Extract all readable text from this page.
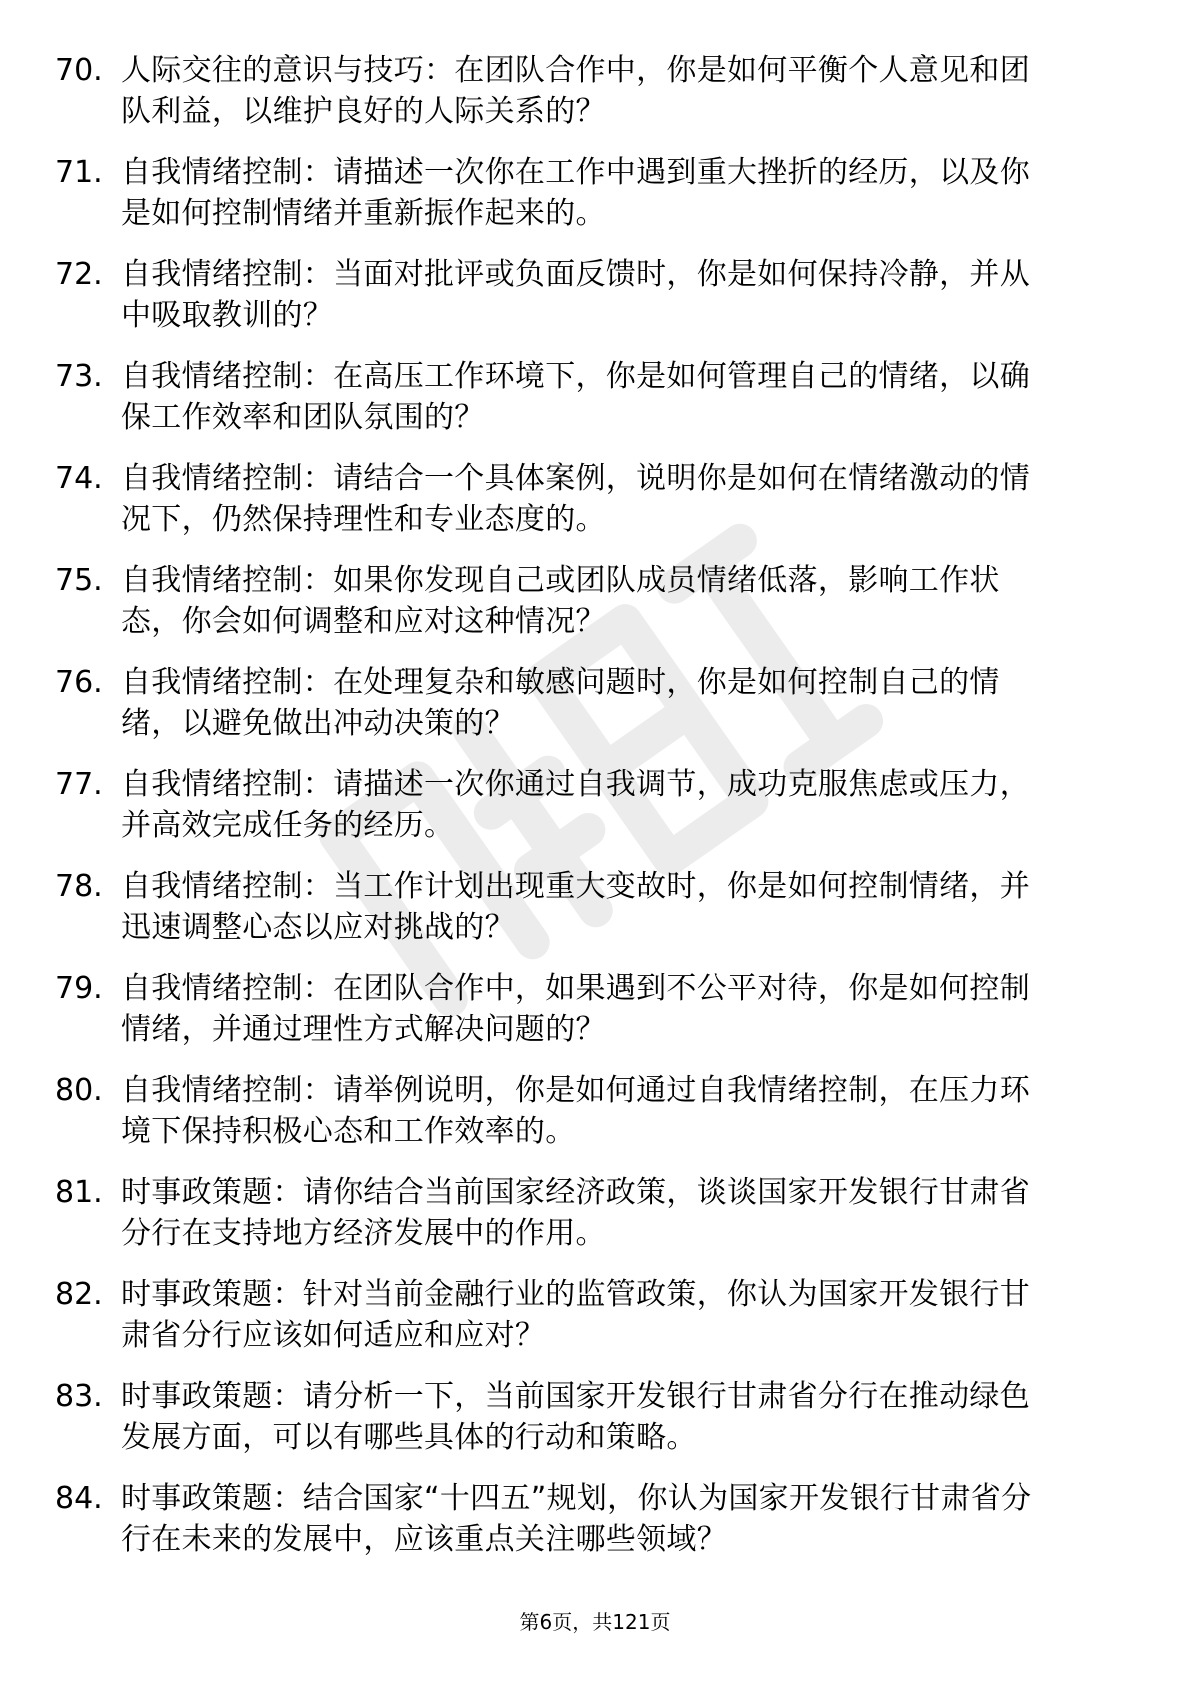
70. 人际交往的意识与技巧：在团队合作中，你是如何平衡个人意见和团队利益，以维护良好的人际关系的？
71. 自我情绪控制：请描述一次你在工作中遇到重大挫折的经历，以及你是如何控制情绪并重新振作起来的。
72. 自我情绪控制：当面对批评或负面反馈时，你是如何保持冷静，并从中吸取教训的？
73. 自我情绪控制：在高压工作环境下，你是如何管理自己的情绪，以确保工作效率和团队氛围的？
74. 自我情绪控制：请结合一个具体案例，说明你是如何在情绪激动的情况下，仍然保持理性和专业态度的。
75. 自我情绪控制：如果你发现自己或团队成员情绪低落，影响工作状态，你会如何调整和应对这种情况？
76. 自我情绪控制：在处理复杂和敏感问题时，你是如何控制自己的情绪，以避免做出冲动决策的？
77. 自我情绪控制：请描述一次你通过自我调节，成功克服焦虑或压力，并高效完成任务的经历。
78. 自我情绪控制：当工作计划出现重大变故时，你是如何控制情绪，并迅速调整心态以应对挑战的？
79. 自我情绪控制：在团队合作中，如果遇到不公平对待，你是如何控制情绪，并通过理性方式解决问题的？
80. 自我情绪控制：请举例说明，你是如何通过自我情绪控制，在压力环境下保持积极心态和工作效率的。
81. 时事政策题：请你结合当前国家经济政策，谈谈国家开发银行甘肃省分行在支持地方经济发展中的作用。
82. 时事政策题：针对当前金融行业的监管政策，你认为国家开发银行甘肃省分行应该如何适应和应对？
83. 时事政策题：请分析一下，当前国家开发银行甘肃省分行在推动绿色发展方面，可以有哪些具体的行动和策略。
84. 时事政策题：结合国家“十四五”规划，你认为国家开发银行甘肃省分行在未来的发展中，应该重点关注哪些领域？
第6页，共121页
